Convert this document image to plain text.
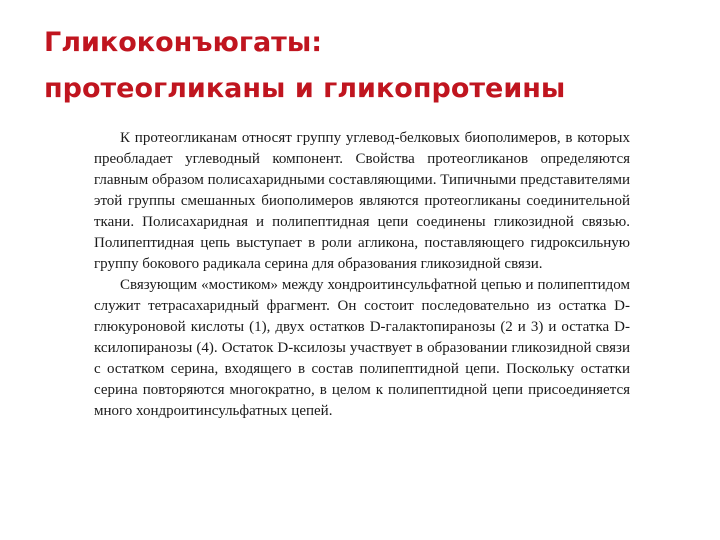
Гликоконъюгаты:
протеогликаны и гликопротеины

К протеогликанам относят группу углевод-белковых биополимеров, в которых преобладает углеводный компонент. Свойства протеогликанов определяются главным образом полисахаридными составляющими. Типичными представителями этой группы смешанных биополимеров являются протеогликаны соединительной ткани. Полисахаридная и полипептидная цепи соединены гликозидной связью. Полипептидная цепь выступает в роли агликона, поставляющего гидроксильную группу бокового радикала серина для образования гликозидной связи.

Связующим «мостиком» между хондроитинсульфатной цепью и полипептидом служит тетрасахаридный фрагмент. Он состоит последовательно из остатка D-глюкуроновой кислоты (1), двух остатков D-галактопиранозы (2 и 3) и остатка D-ксилопиранозы (4). Остаток D-ксилозы участвует в образовании гликозидной связи с остатком серина, входящего в состав полипептидной цепи. Поскольку остатки серина повторяются многократно, в целом к полипептидной цепи присоединяется много хондроитинсульфатных цепей.
